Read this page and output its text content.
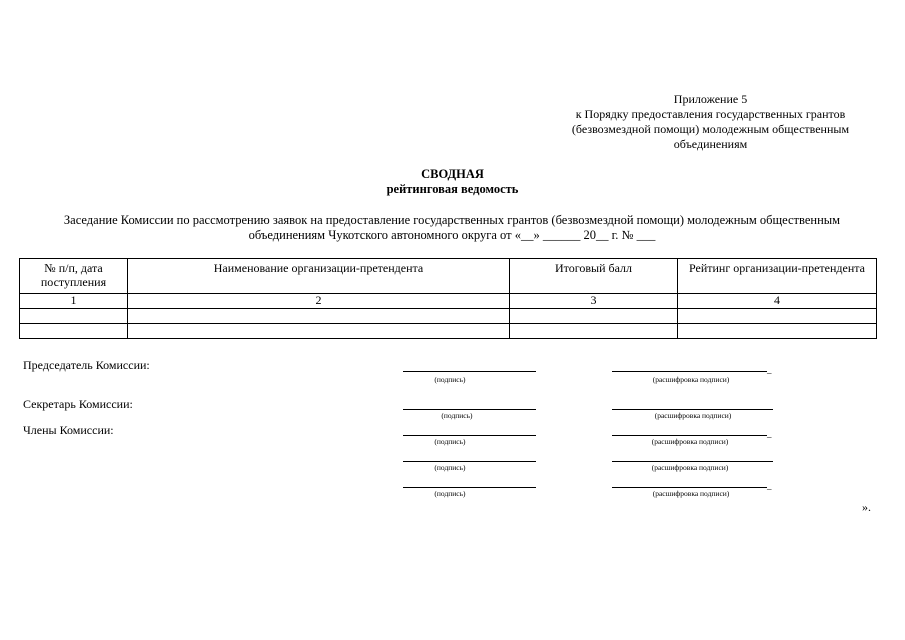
Приложение 5
к Порядку предоставления государственных грантов
(безвозмездной помощи) молодежным общественным
объединениям
СВОДНАЯ
рейтинговая ведомость
Заседание Комиссии по рассмотрению заявок на предоставление государственных грантов (безвозмездной помощи) молодежным общественным
объединениям Чукотского автономного округа от «__» ______ 20__ г. № ___
№ п/п, дата поступления	Наименование организации-претендента	Итоговый балл	Рейтинг организации-претендента
1	2	3	4

Председатель Комиссии:
(подпись)
_
(расшифровка подписи)
Секретарь Комиссии:
(подпись)	(расшифровка подписи)
Члены Комиссии:
(подпись)
_
(расшифровка подписи)
(подпись)	(расшифровка подписи)
(подпись)
_
(расшифровка подписи)
».
